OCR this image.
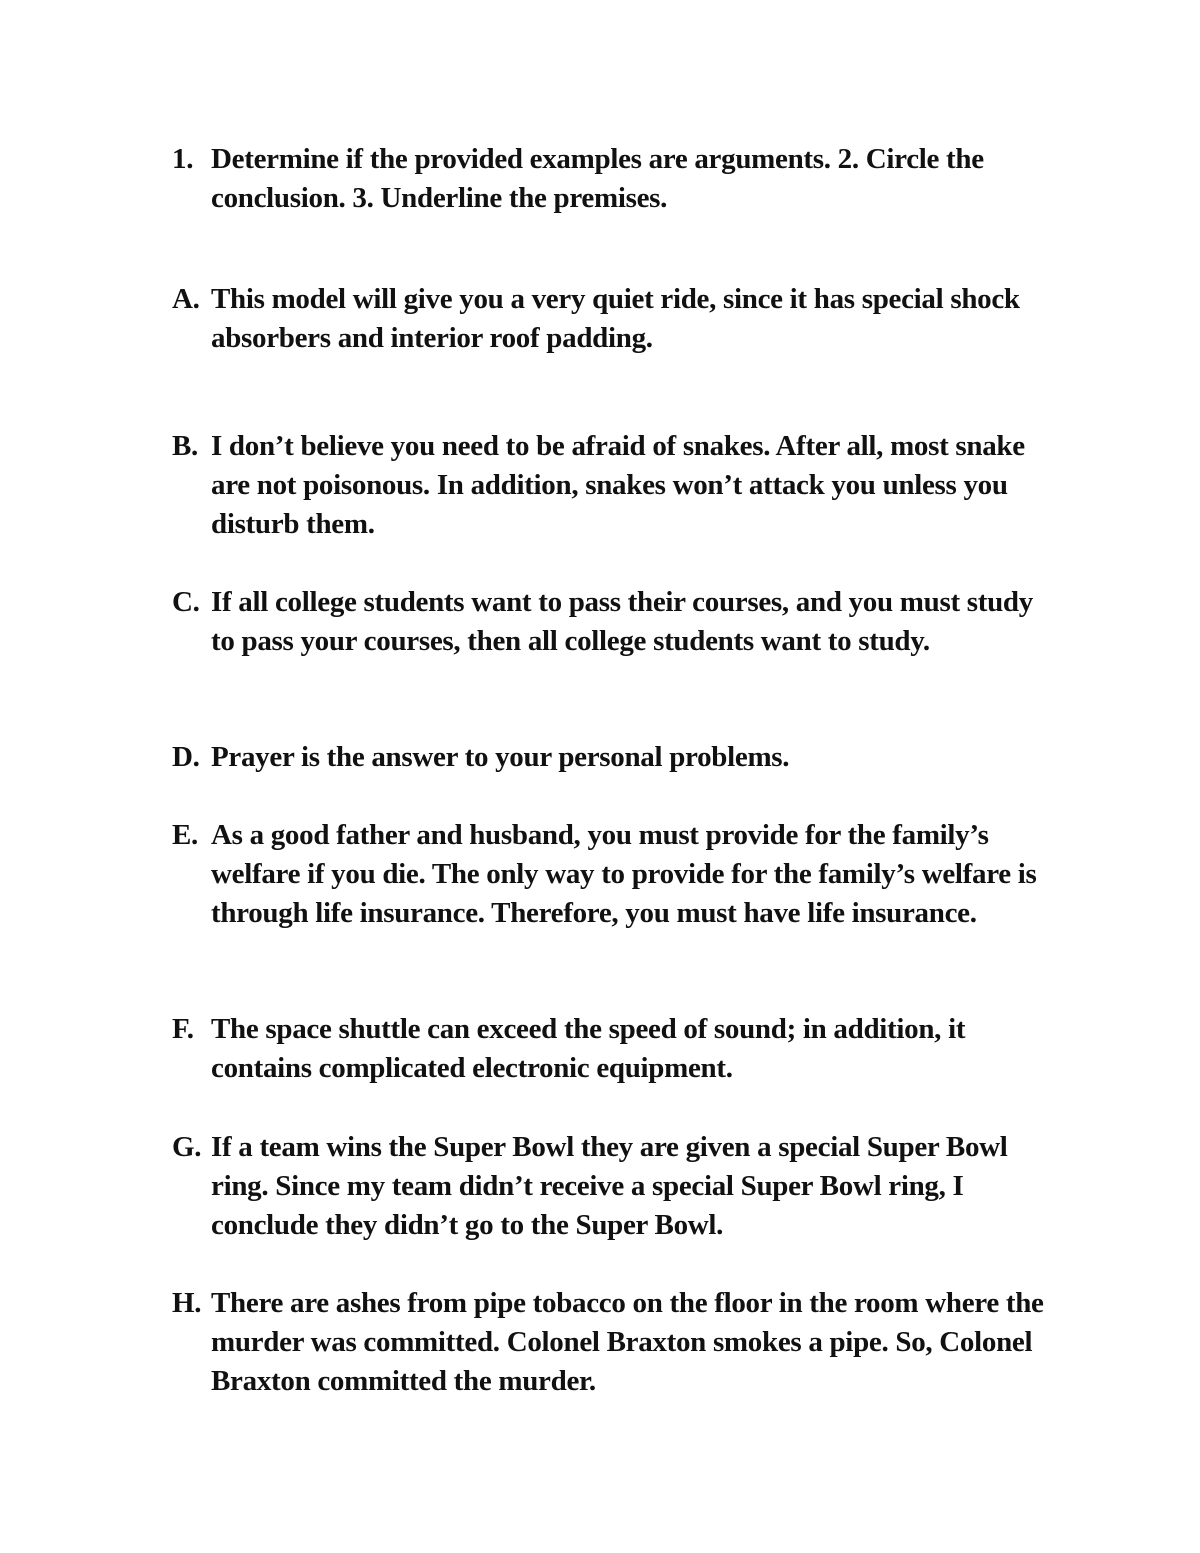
1. Determine if the provided examples are arguments. 2. Circle the conclusion. 3. Underline the premises.
A. This model will give you a very quiet ride, since it has special shock absorbers and interior roof padding.
B. I don’t believe you need to be afraid of snakes. After all, most snake are not poisonous. In addition, snakes won’t attack you unless you disturb them.
C. If all college students want to pass their courses, and you must study to pass your courses, then all college students want to study.
D. Prayer is the answer to your personal problems.
E. As a good father and husband, you must provide for the family’s welfare if you die. The only way to provide for the family’s welfare is through life insurance. Therefore, you must have life insurance.
F. The space shuttle can exceed the speed of sound; in addition, it contains complicated electronic equipment.
G. If a team wins the Super Bowl they are given a special Super Bowl ring. Since my team didn’t receive a special Super Bowl ring, I conclude they didn’t go to the Super Bowl.
H. There are ashes from pipe tobacco on the floor in the room where the murder was committed. Colonel Braxton smokes a pipe. So, Colonel Braxton committed the murder.
